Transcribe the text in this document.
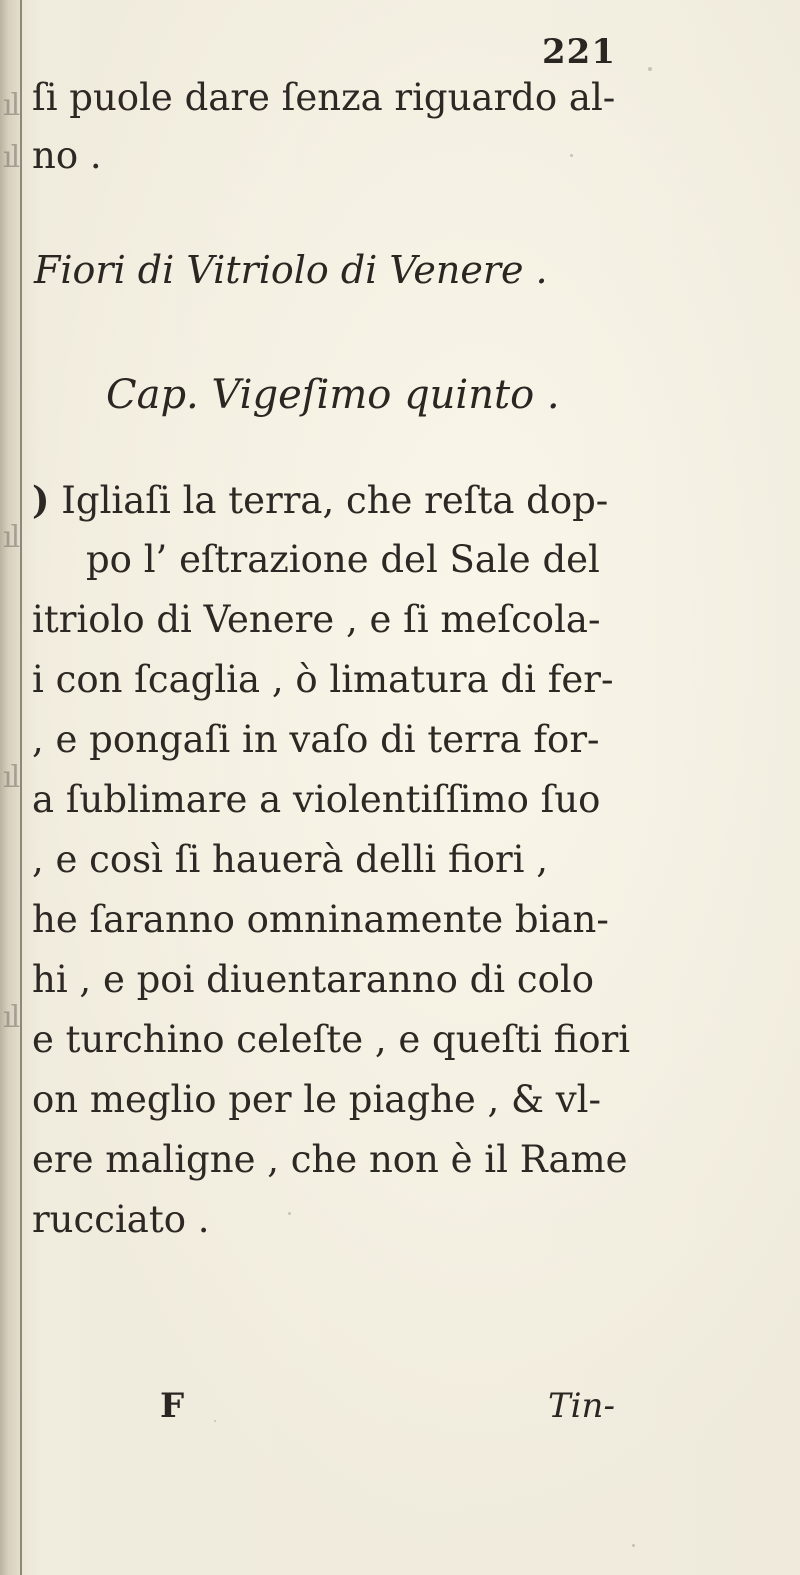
ıl
ıl
ıl
ıl
ıl
221
ſi puole dare ſenza riguardo al-
no .
Fiori di Vitriolo di Venere .
Cap. Vigeſimo quinto .
) Igliaſi la terra, che reſta dop-
po l’ eſtrazione del Sale del
itriolo di Venere , e ſi meſcola-
i con ſcaglia , ò limatura di fer-
, e pongaſi in vaſo di terra for-
a ſublimare a violentiſſimo ſuo
, e così ſi hauerà delli fiori ,
he ſaranno omninamente bian-
hi , e poi diuentaranno di colo
e turchino celeſte , e queſti fiori
on meglio per le piaghe , & vl-
ere maligne , che non è il Rame
rucciato .
F	Tin-
